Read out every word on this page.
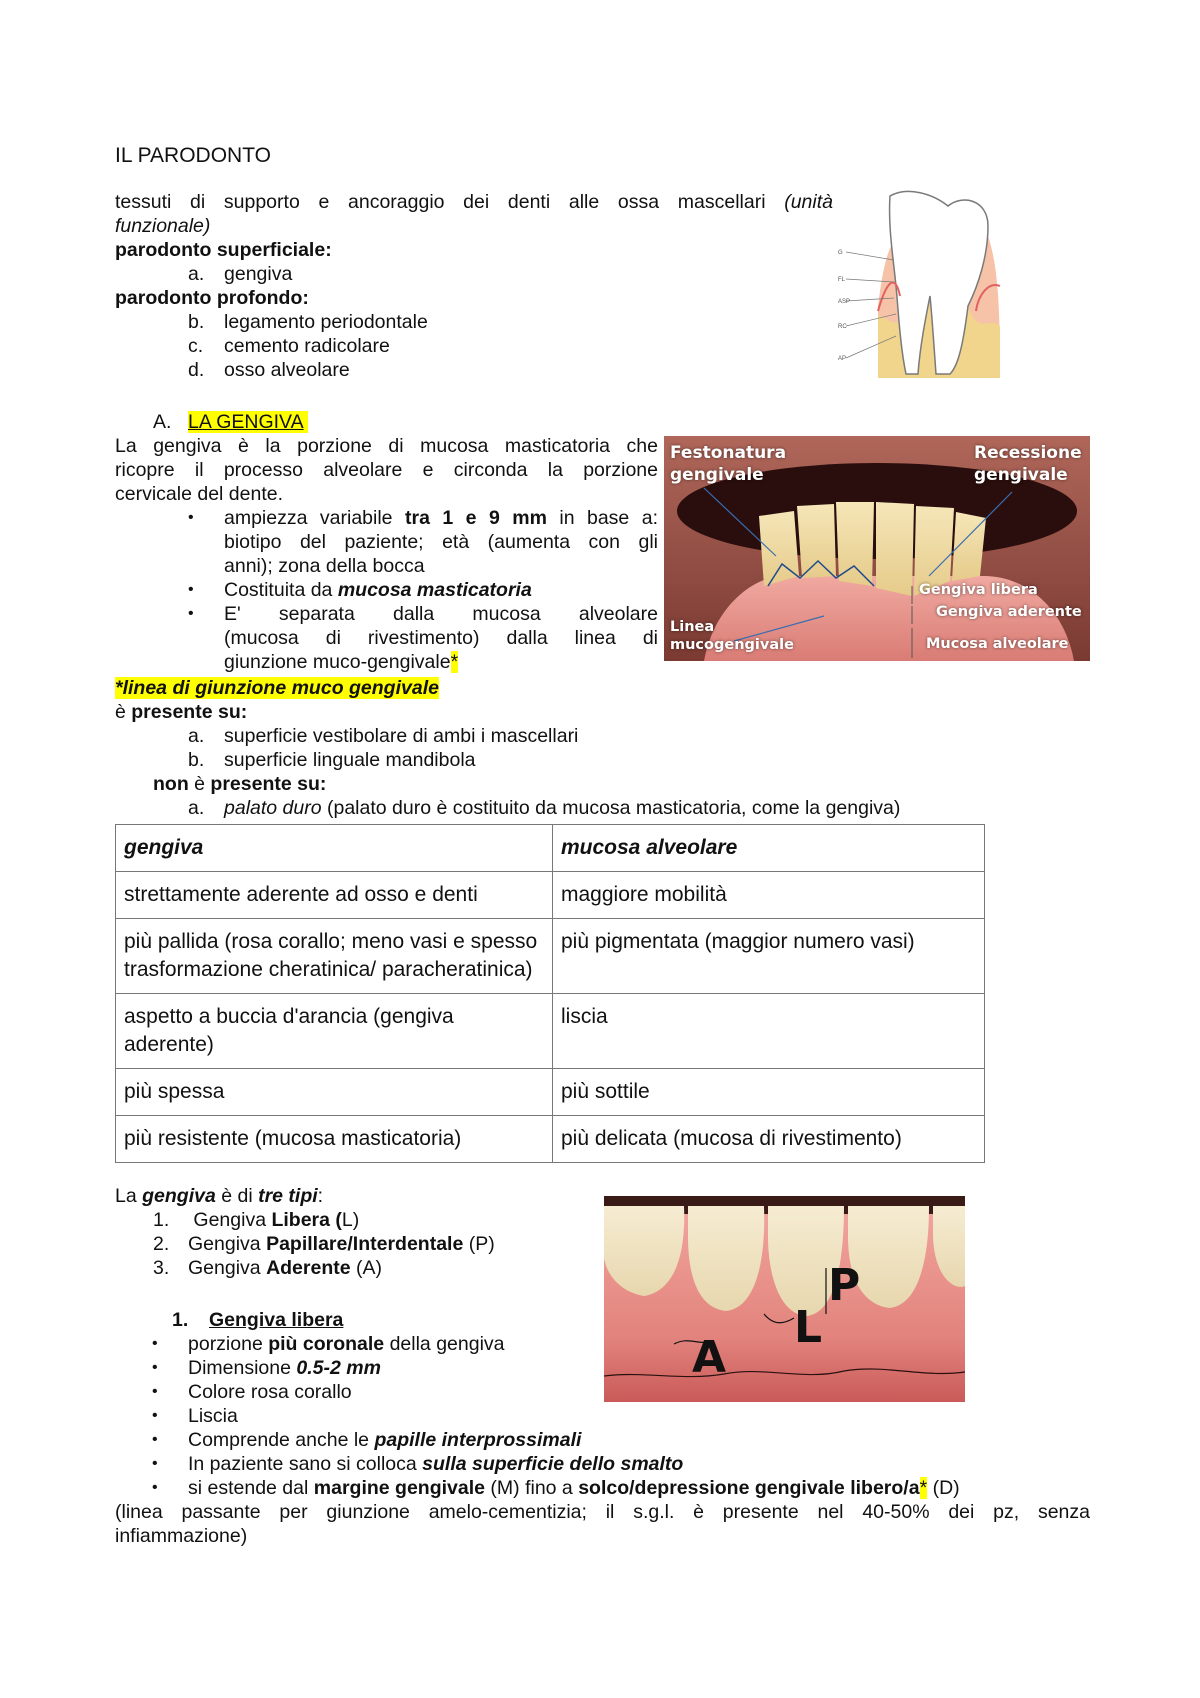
IL PARODONTO
tessuti di supporto e ancoraggio dei denti alle ossa mascellari (unità
funzionale)
parodonto superficiale:
a. gengiva
parodonto profondo:
b. legamento periodontale
c. cemento radicolare
d. osso alveolare
G
FL
ASP
RC
AP
A. LA GENGIVA
La gengiva è la porzione di mucosa masticatoria che
ricopre il processo alveolare e circonda la porzione
cervicale del dente.
• ampiezza variabile tra 1 e 9 mm in base a:
biotipo del paziente; età (aumenta con gli
anni); zona della bocca
• Costituita da mucosa masticatoria
• E' separata dalla mucosa alveolare
(mucosa di rivestimento) dalla linea di
giunzione muco-gengivale*
Festonatura
gengivale
Recessione
gengivale
Linea
mucogengivale
Gengiva libera
Gengiva aderente
Mucosa alveolare
*linea di giunzione muco gengivale
è presente su:
a. superficie vestibolare di ambi i mascellari
b. superficie linguale mandibola
non è presente su:
a. palato duro (palato duro è costituito da mucosa masticatoria, come la gengiva)
gengiva	mucosa alveolare
strettamente aderente ad osso e denti	maggiore mobilità
più pallida (rosa corallo; meno vasi e spesso trasformazione cheratinica/ paracheratinica)	più pigmentata (maggior numero vasi)
aspetto a buccia d'arancia (gengiva aderente)	liscia
più spessa	più sottile
più resistente (mucosa masticatoria)	più delicata (mucosa di rivestimento)
La gengiva è di tre tipi:
1. Gengiva Libera (L)
2. Gengiva Papillare/Interdentale (P)
3. Gengiva Aderente (A)	P
L
A
1. Gengiva libera
• porzione più coronale della gengiva
• Dimensione 0.5-2 mm
• Colore rosa corallo
• Liscia
• Comprende anche le papille interprossimali
• In paziente sano si colloca sulla superficie dello smalto
• si estende dal margine gengivale (M) fino a solco/depressione gengivale libero/a* (D)
(linea passante per giunzione amelo-cementizia; il s.g.l. è presente nel 40-50% dei pz, senza
infiammazione)
